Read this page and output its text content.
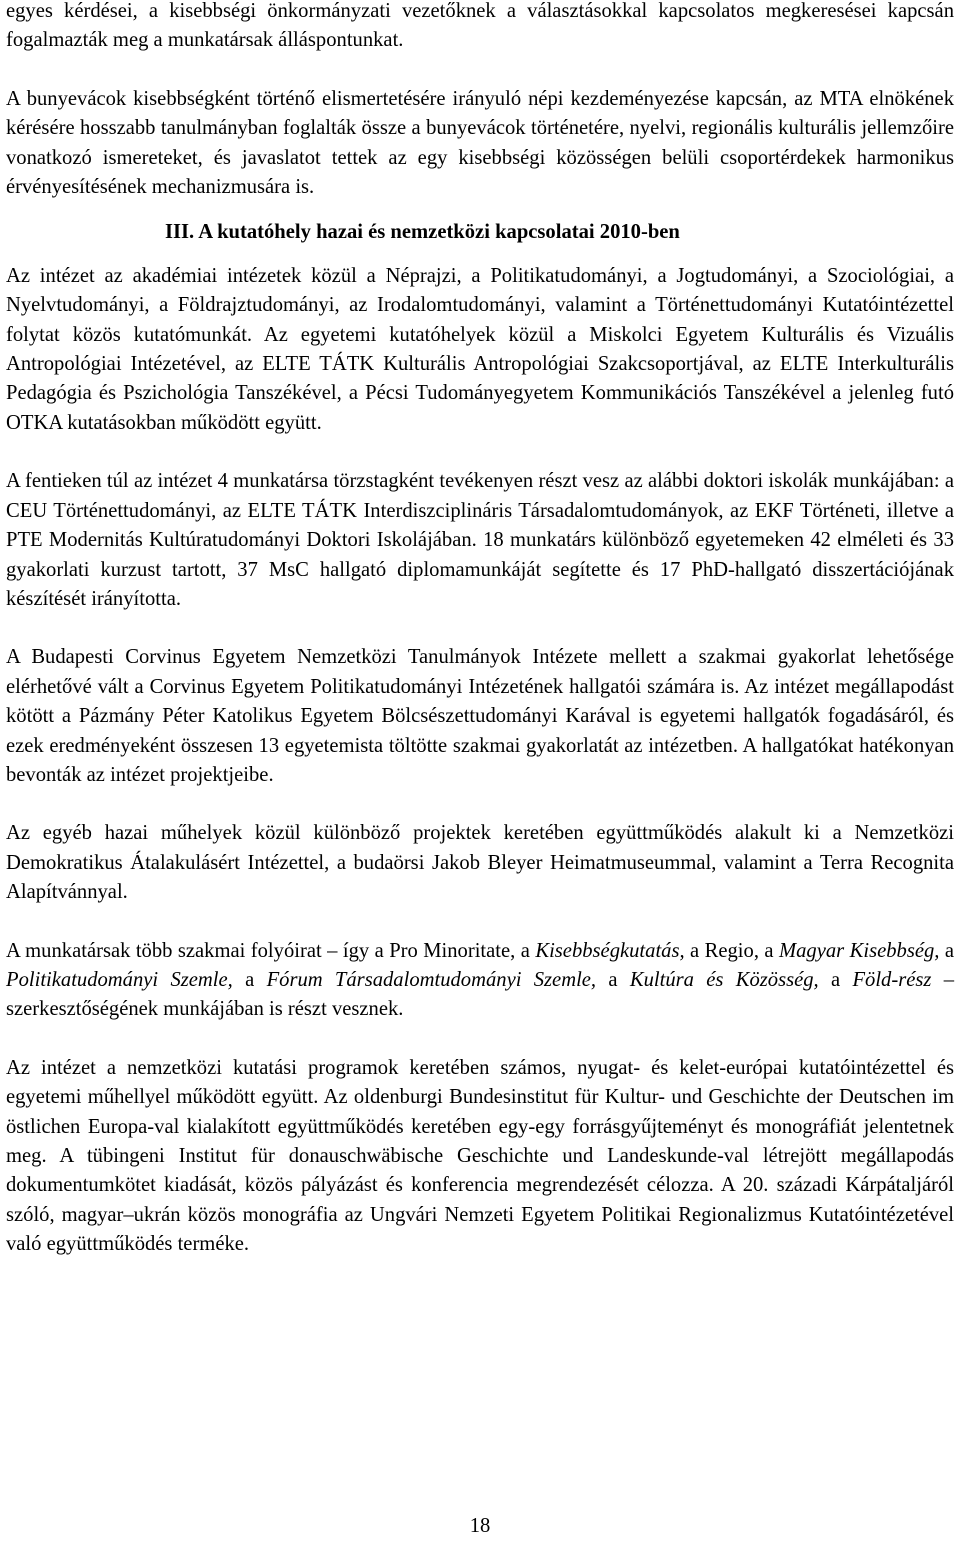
egyes kérdései, a kisebbségi önkormányzati vezetőknek a választásokkal kapcsolatos megkeresései kapcsán fogalmazták meg a munkatársak álláspontunkat.

A bunyevácok kisebbségként történő elismertetésére irányuló népi kezdeményezése kapcsán, az MTA elnökének kérésére hosszabb tanulmányban foglalták össze a bunyevácok történetére, nyelvi, regionális kulturális jellemzőire vonatkozó ismereteket, és javaslatot tettek az egy kisebbségi közösségen belüli csoportérdekek harmonikus érvényesítésének mechanizmusára is.

III. A kutatóhely hazai és nemzetközi kapcsolatai 2010-ben

Az intézet az akadémiai intézetek közül a Néprajzi, a Politikatudományi, a Jogtudományi, a Szociológiai, a Nyelvtudományi, a Földrajztudományi, az Irodalomtudományi, valamint a Történettudományi Kutatóintézettel folytat közös kutatómunkát. Az egyetemi kutatóhelyek közül a Miskolci Egyetem Kulturális és Vizuális Antropológiai Intézetével, az ELTE TÁTK Kulturális Antropológiai Szakcsoportjával, az ELTE Interkulturális Pedagógia és Pszichológia Tanszékével, a Pécsi Tudományegyetem Kommunikációs Tanszékével a jelenleg futó OTKA kutatásokban működött együtt.

A fentieken túl az intézet 4 munkatársa törzstagként tevékenyen részt vesz az alábbi doktori iskolák munkájában: a CEU Történettudományi, az ELTE TÁTK Interdiszciplináris Társadalomtudományok, az EKF Történeti, illetve a PTE Modernitás Kultúratudományi Doktori Iskolájában. 18 munkatárs különböző egyetemeken 42 elméleti és 33 gyakorlati kurzust tartott, 37 MsC hallgató diplomamunkáját segítette és 17 PhD-hallgató disszertációjának készítését irányította.

A Budapesti Corvinus Egyetem Nemzetközi Tanulmányok Intézete mellett a szakmai gyakorlat lehetősége elérhetővé vált a Corvinus Egyetem Politikatudományi Intézetének hallgatói számára is. Az intézet megállapodást kötött a Pázmány Péter Katolikus Egyetem Bölcsészettudományi Karával is egyetemi hallgatók fogadásáról, és ezek eredményeként összesen 13 egyetemista töltötte szakmai gyakorlatát az intézetben. A hallgatókat hatékonyan bevonták az intézet projektjeibe.

Az egyéb hazai műhelyek közül különböző projektek keretében együttműködés alakult ki a Nemzetközi Demokratikus Átalakulásért Intézettel, a budaörsi Jakob Bleyer Heimatmuseummal, valamint a Terra Recognita Alapítvánnyal.

A munkatársak több szakmai folyóirat – így a Pro Minoritate, a Kisebbségkutatás, a Regio, a Magyar Kisebbség, a Politikatudományi Szemle, a Fórum Társadalomtudományi Szemle, a Kultúra és Közösség, a Föld-rész – szerkesztőségének munkájában is részt vesznek.

Az intézet a nemzetközi kutatási programok keretében számos, nyugat- és kelet-európai kutatóintézettel és egyetemi műhellyel működött együtt. Az oldenburgi Bundesinstitut für Kultur- und Geschichte der Deutschen im östlichen Europa-val kialakított együttműködés keretében egy-egy forrásgyűjteményt és monográfiát jelentetnek meg. A tübingeni Institut für donauschwäbische Geschichte und Landeskunde-val létrejött megállapodás dokumentumkötet kiadását, közös pályázást és konferencia megrendezését célozza. A 20. századi Kárpátaljáról szóló, magyar–ukrán közös monográfia az Ungvári Nemzeti Egyetem Politikai Regionalizmus Kutatóintézetével való együttműködés terméke.

18
